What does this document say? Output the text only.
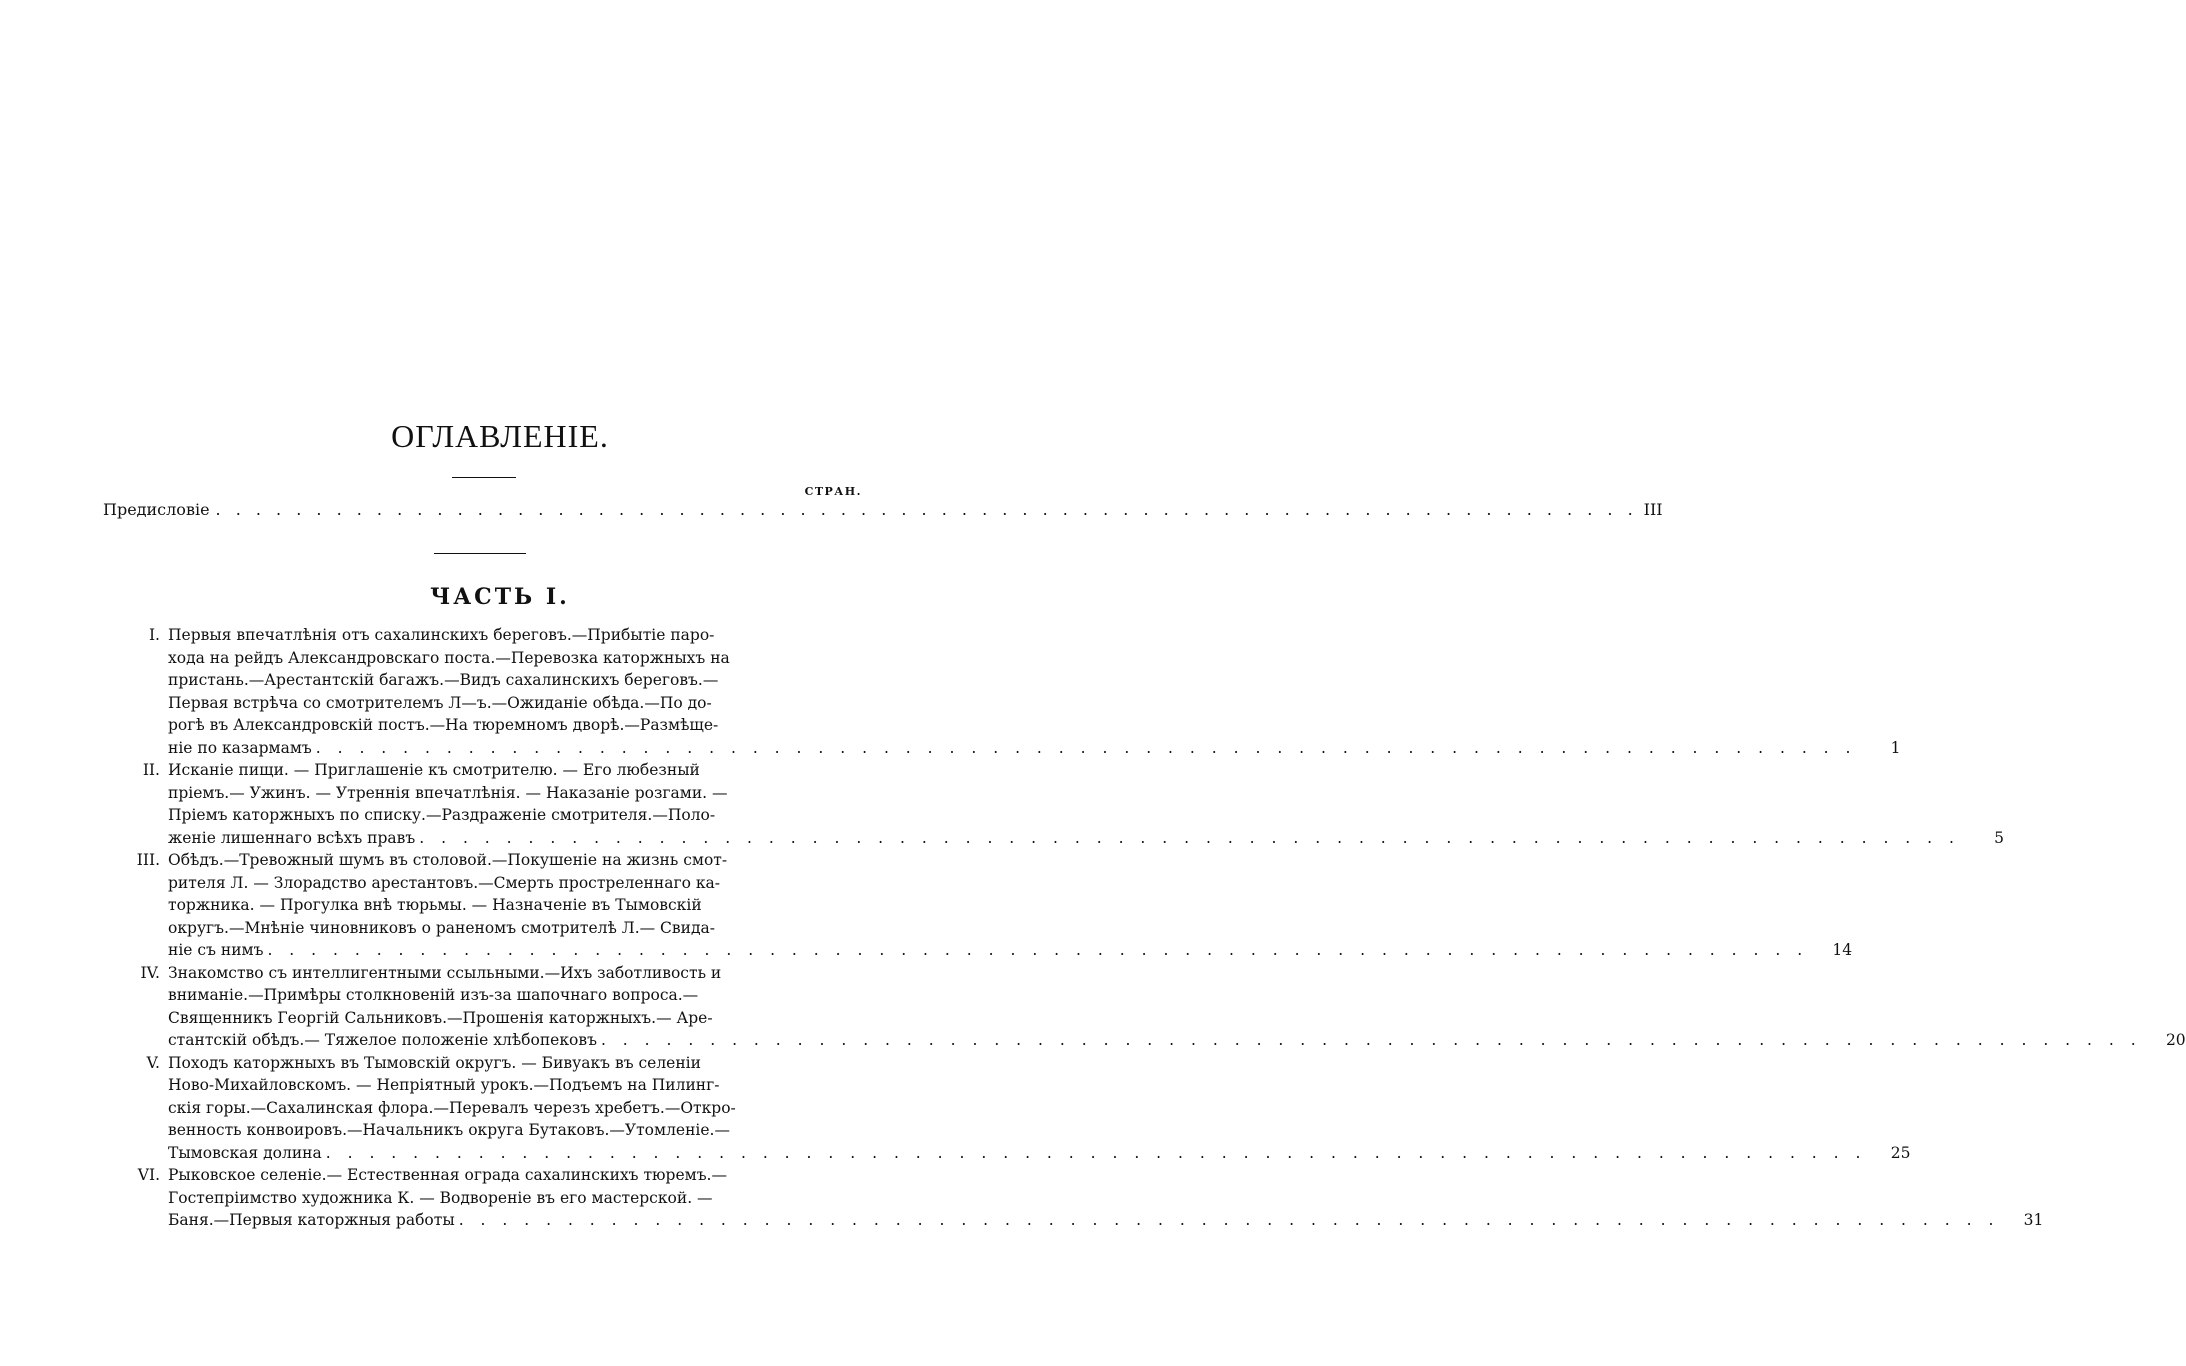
ОГЛАВЛЕНІЕ.
СТРАН.
Предисловіе . . .	III
ЧАСТЬ I.
I. Первыя впечатлѣнія отъ сахалинскихъ береговъ.—Прибытіе паро-
хода на рейдъ Александровскаго поста.—Перевозка каторжныхъ на
пристань.—Арестантскій багажъ.—Видъ сахалинскихъ береговъ.—
Первая встрѣча со смотрителемъ Л—ъ.—Ожиданіе обѣда.—По до-
рогѣ въ Александровскій постъ.—На тюремномъ дворѣ.—Размѣще-
ніе по казармамъ . . .	1
II. Исканіе пищи. — Приглашеніе къ смотрителю. — Его любезный
пріемъ.— Ужинъ. — Утреннія впечатлѣнія. — Наказаніе розгами. —
Пріемъ каторжныхъ по списку.—Раздраженіе смотрителя.—Поло-
женіе лишеннаго всѣхъ правъ . . .	5
III. Обѣдъ.—Тревожный шумъ въ столовой.—Покушеніе на жизнь смот-
рителя Л. — Злорадство арестантовъ.—Смерть простреленнаго ка-
торжника. — Прогулка внѣ тюрьмы. — Назначеніе въ Тымовскій
округъ.—Мнѣніе чиновниковъ о раненомъ смотрителѣ Л.— Свида-
ніе съ нимъ . . .	14
IV. Знакомство съ интеллигентными ссыльными.—Ихъ заботливость и
вниманіе.—Примѣры столкновеній изъ-за шапочнаго вопроса.—
Священникъ Георгій Сальниковъ.—Прошенія каторжныхъ.— Аре-
стантскій обѣдъ.— Тяжелое положеніе хлѣбопековъ . . .	20
V. Походъ каторжныхъ въ Тымовскій округъ. — Бивуакъ въ селеніи
Ново-Михайловскомъ. — Непріятный урокъ.—Подъемъ на Пилинг-
скія горы.—Сахалинская флора.—Перевалъ черезъ хребетъ.—Откро-
венность конвоировъ.—Начальникъ округа Бутаковъ.—Утомленіе.—
Тымовская долина . . .	25
VI. Рыковское селеніе.— Естественная ограда сахалинскихъ тюремъ.—
Гостепріимство художника К. — Водвореніе въ его мастерской. —
Баня.—Первыя каторжныя работы . . .	31
